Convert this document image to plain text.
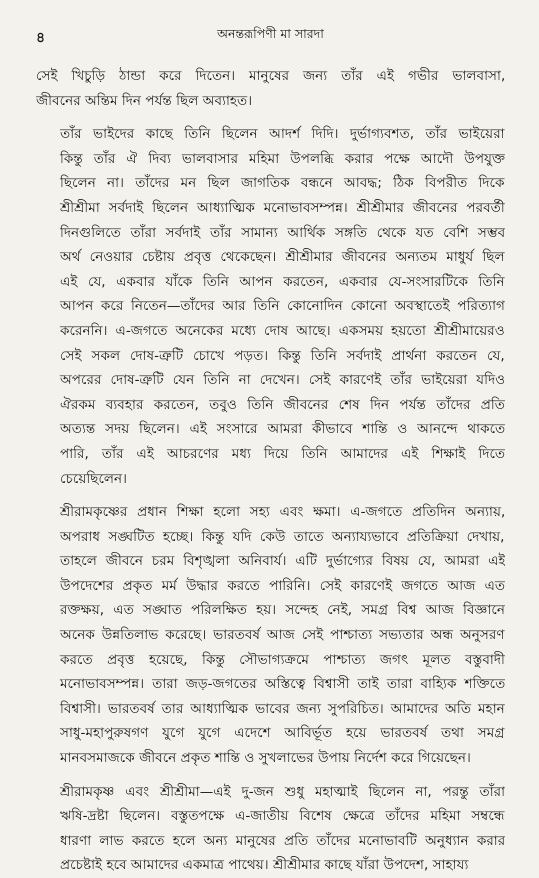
৪	অনন্তরূপিণী মা সারদা

সেই খিচুড়ি ঠান্ডা করে দিতেন। মানুষের জন্য তাঁর এই গভীর ভালবাসা,
জীবনের অন্তিম দিন পর্যন্ত ছিল অব্যাহত।

তাঁর ভাইদের কাছে তিনি ছিলেন আদর্শ দিদি। দুর্ভাগ্যবশত, তাঁর ভাইয়েরা
কিন্তু তাঁর ঐ দিব্য ভালবাসার মহিমা উপলব্ধি করার পক্ষে আদৌ উপযুক্ত
ছিলেন না। তাঁদের মন ছিল জাগতিক বন্ধনে আবদ্ধ; ঠিক বিপরীত দিকে
শ্রীশ্রীমা সর্বদাই ছিলেন আধ্যাত্মিক মনোভাবসম্পন্ন। শ্রীশ্রীমার জীবনের পরবর্তী
দিনগুলিতে তাঁরা সর্বদাই তাঁর সামান্য আর্থিক সঙ্গতি থেকে যত বেশি সম্ভব
অর্থ নেওয়ার চেষ্টায় প্রবৃত্ত থেকেছেন। শ্রীশ্রীমার জীবনের অন্যতম মাধুর্য ছিল
এই যে, একবার যাঁকে তিনি আপন করতেন, একবার যে-সংসারটিকে তিনি
আপন করে নিতেন—তাঁদের আর তিনি কোনোদিন কোনো অবস্থাতেই পরিত্যাগ
করেননি। এ-জগতে অনেকের মধ্যে দোষ আছে। একসময় হয়তো শ্রীশ্রীমায়েরও
সেই সকল দোষ-ত্রুটি চোখে পড়ত। কিন্তু তিনি সর্বদাই প্রার্থনা করতেন যে,
অপরের দোষ-ত্রুটি যেন তিনি না দেখেন। সেই কারণেই তাঁর ভাইয়েরা যদিও
ঐরকম ব্যবহার করতেন, তবুও তিনি জীবনের শেষ দিন পর্যন্ত তাঁদের প্রতি
অত্যন্ত সদয় ছিলেন। এই সংসারে আমরা কীভাবে শান্তি ও আনন্দে থাকতে
পারি, তাঁর এই আচরণের মধ্য দিয়ে তিনি আমাদের এই শিক্ষাই দিতে
চেয়েছিলেন।

শ্রীরামকৃষ্ণের প্রধান শিক্ষা হলো সহ্য এবং ক্ষমা। এ-জগতে প্রতিদিন অন্যায়,
অপরাধ সঙ্ঘটিত হচ্ছে। কিন্তু যদি কেউ তাতে অন্যায্যভাবে প্রতিক্রিয়া দেখায়,
তাহলে জীবনে চরম বিশৃঙ্খলা অনিবার্য। এটি দুর্ভাগ্যের বিষয় যে, আমরা এই
উপদেশের প্রকৃত মর্ম উদ্ধার করতে পারিনি। সেই কারণেই জগতে আজ এত
রক্তক্ষয়, এত সঙ্ঘাত পরিলক্ষিত হয়। সন্দেহ নেই, সমগ্র বিশ্ব আজ বিজ্ঞানে
অনেক উন্নতিলাভ করেছে। ভারতবর্ষ আজ সেই পাশ্চাত্য সভ্যতার অন্ধ অনুসরণ
করতে প্রবৃত্ত হয়েছে, কিন্তু সৌভাগ্যক্রমে পাশ্চাত্য জগৎ মূলত বস্তুবাদী
মনোভাবসম্পন্ন। তারা জড়-জগতের অস্তিত্বে বিশ্বাসী তাই তারা বাহ্যিক শক্তিতে
বিশ্বাসী। ভারতবর্ষ তার আধ্যাত্মিক ভাবের জন্য সুপরিচিত। আমাদের অতি মহান
সাধু-মহাপুরুষগণ যুগে যুগে এদেশে আবির্ভূত হয়ে ভারতবর্ষ তথা সমগ্র
মানবসমাজকে জীবনে প্রকৃত শান্তি ও সুখলাভের উপায় নির্দেশ করে গিয়েছেন।

শ্রীরামকৃষ্ণ এবং শ্রীশ্রীমা—এই দু-জন শুধু মহাত্মাই ছিলেন না, পরন্তু তাঁরা
ঋষি-দ্রষ্টা ছিলেন। বস্তুতপক্ষে এ-জাতীয় বিশেষ ক্ষেত্রে তাঁদের মহিমা সম্বন্ধে
ধারণা লাভ করতে হলে অন্য মানুষের প্রতি তাঁদের মনোভাবটি অনুধ্যান করার
প্রচেষ্টাই হবে আমাদের একমাত্র পাথেয়। শ্রীশ্রীমার কাছে যাঁরা উপদেশ, সাহায্য
